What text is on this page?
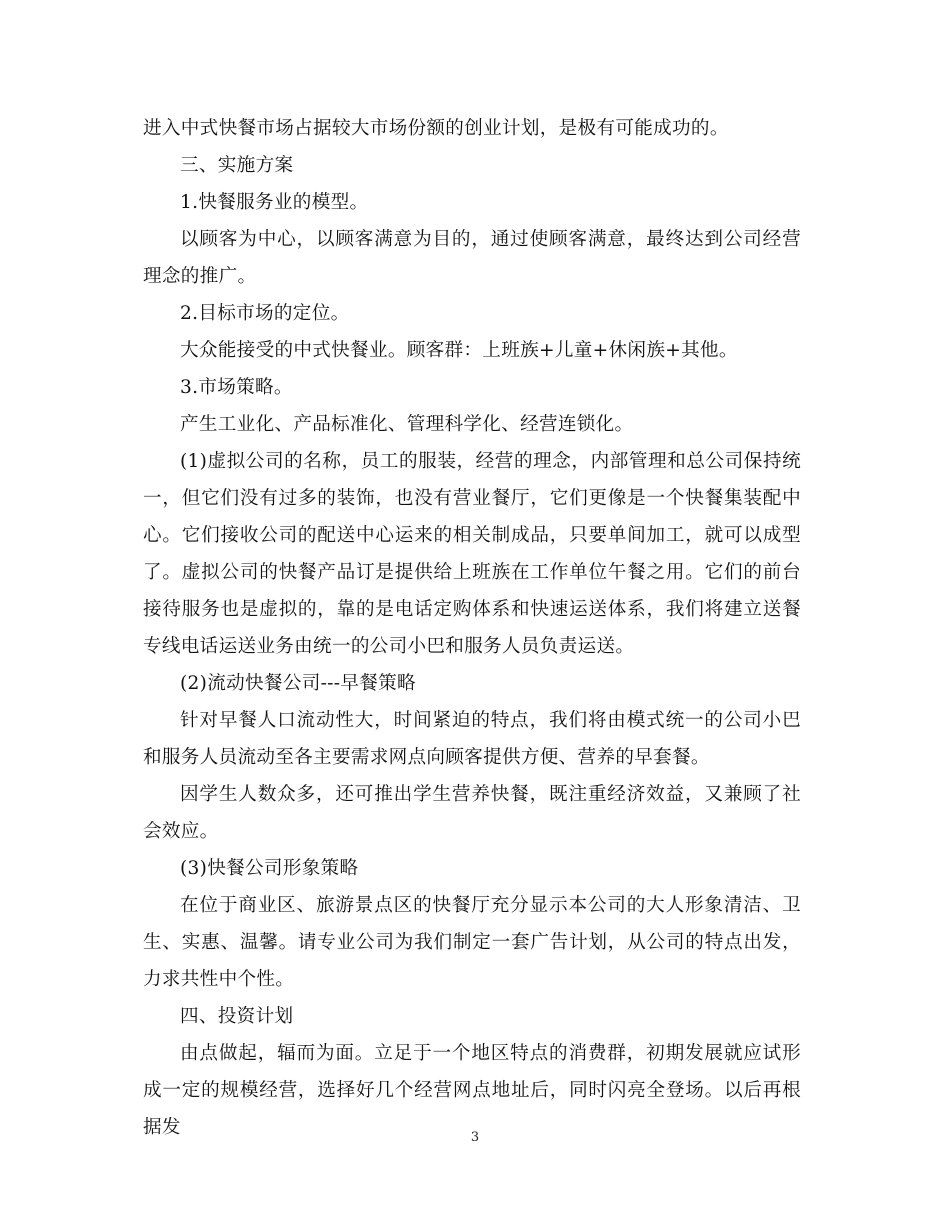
进入中式快餐市场占据较大市场份额的创业计划，是极有可能成功的。

三、实施方案

1.快餐服务业的模型。

以顾客为中心，以顾客满意为目的，通过使顾客满意，最终达到公司经营理念的推广。

2.目标市场的定位。

大众能接受的中式快餐业。顾客群：上班族+儿童+休闲族+其他。

3.市场策略。

产生工业化、产品标准化、管理科学化、经营连锁化。

(1)虚拟公司的名称，员工的服装，经营的理念，内部管理和总公司保持统一，但它们没有过多的装饰，也没有营业餐厅，它们更像是一个快餐集装配中心。它们接收公司的配送中心运来的相关制成品，只要单间加工，就可以成型了。虚拟公司的快餐产品订是提供给上班族在工作单位午餐之用。它们的前台接待服务也是虚拟的，靠的是电话定购体系和快速运送体系，我们将建立送餐专线电话运送业务由统一的公司小巴和服务人员负责运送。

(2)流动快餐公司---早餐策略

针对早餐人口流动性大，时间紧迫的特点，我们将由模式统一的公司小巴和服务人员流动至各主要需求网点向顾客提供方便、营养的早套餐。

因学生人数众多，还可推出学生营养快餐，既注重经济效益，又兼顾了社会效应。

(3)快餐公司形象策略

在位于商业区、旅游景点区的快餐厅充分显示本公司的大人形象清洁、卫生、实惠、温馨。请专业公司为我们制定一套广告计划，从公司的特点出发，力求共性中个性。

四、投资计划

由点做起，辐而为面。立足于一个地区特点的消费群，初期发展就应试形成一定的规模经营，选择好几个经营网点地址后，同时闪亮全登场。以后再根据发	3
